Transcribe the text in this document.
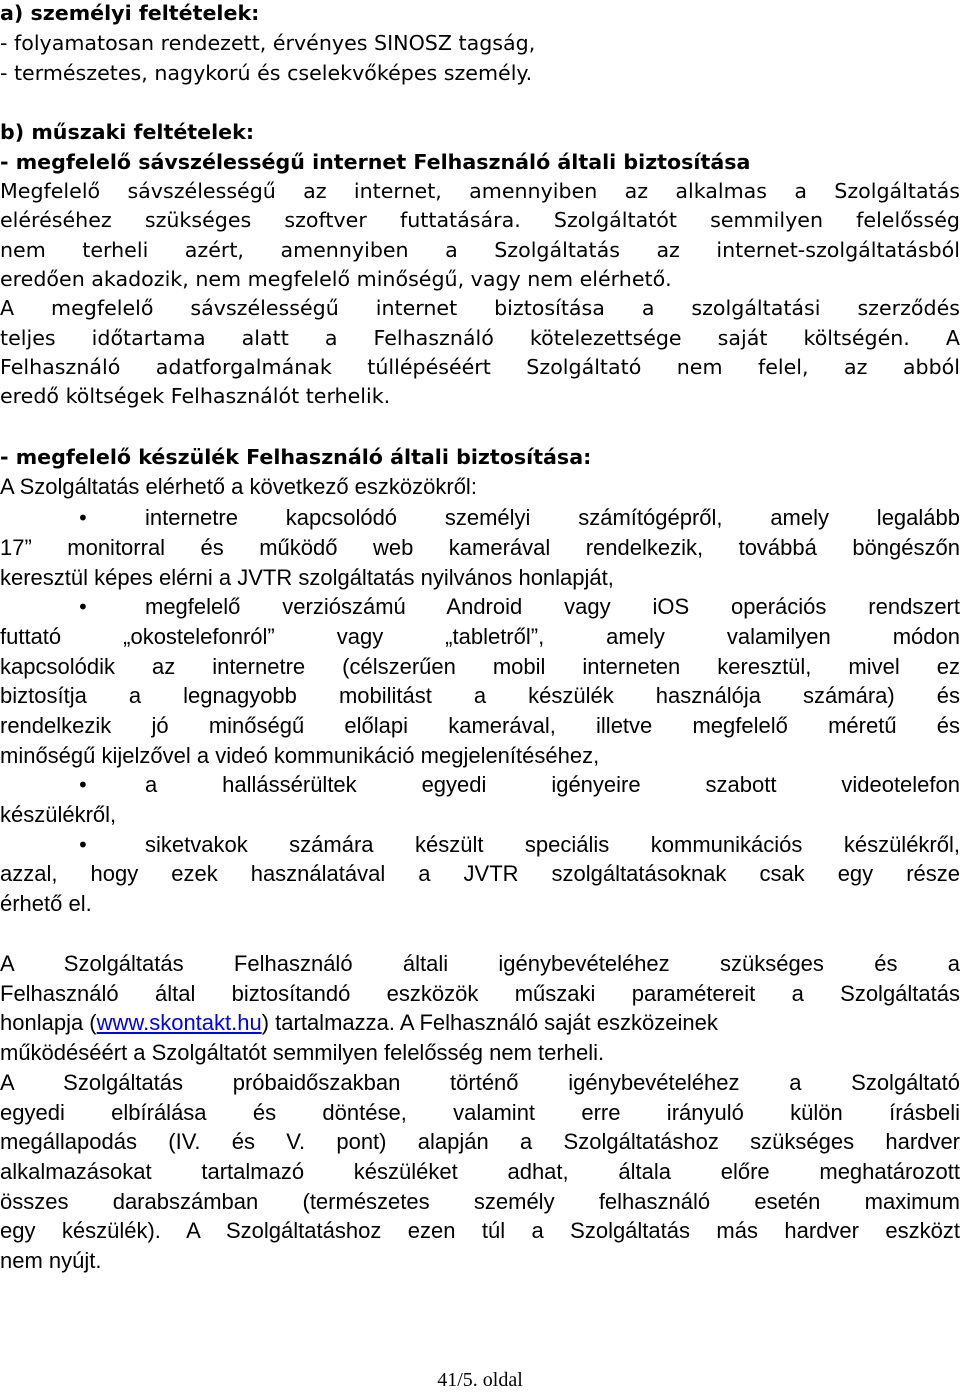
a) személyi feltételek:
- folyamatosan rendezett, érvényes SINOSZ tagság,
- természetes, nagykorú és cselekvőképes személy.
b) műszaki feltételek:
- megfelelő sávszélességű internet Felhasználó általi biztosítása
Megfelelő sávszélességű az internet, amennyiben az alkalmas a Szolgáltatás
eléréséhez szükséges szoftver futtatására. Szolgáltatót semmilyen felelősség
nem terheli azért, amennyiben a Szolgáltatás az internet-szolgáltatásból
eredően akadozik, nem megfelelő minőségű, vagy nem elérhető.
A megfelelő sávszélességű internet biztosítása a szolgáltatási szerződés
teljes időtartama alatt a Felhasználó kötelezettsége saját költségén. A
Felhasználó adatforgalmának túllépéséért Szolgáltató nem felel, az abból
eredő költségek Felhasználót terhelik.
- megfelelő készülék Felhasználó általi biztosítása:
A Szolgáltatás elérhető a következő eszközökről:
•	internetre kapcsolódó személyi számítógépről, amely legalább
17” monitorral és működő web kamerával rendelkezik, továbbá böngészőn
keresztül képes elérni a JVTR szolgáltatás nyilvános honlapját,
•	megfelelő verziószámú Android vagy iOS operációs rendszert
futtató „okostelefonról” vagy „tabletről”, amely valamilyen módon
kapcsolódik az internetre (célszerűen mobil interneten keresztül, mivel ez
biztosítja a legnagyobb mobilitást a készülék használója számára) és
rendelkezik jó minőségű előlapi kamerával, illetve megfelelő méretű és
minőségű kijelzővel a videó kommunikáció megjelenítéséhez,
•	a hallássérültek egyedi igényeire szabott videotelefon
készülékről,
•	siketvakok számára készült speciális kommunikációs készülékről,
azzal, hogy ezek használatával a JVTR szolgáltatásoknak csak egy része
érhető el.
A Szolgáltatás Felhasználó általi igénybevételéhez szükséges és a
Felhasználó által biztosítandó eszközök műszaki paramétereit a Szolgáltatás
honlapja (www.skontakt.hu) tartalmazza. A Felhasználó saját eszközeinek
működéséért a Szolgáltatót semmilyen felelősség nem terheli.
A Szolgáltatás próbaidőszakban történő igénybevételéhez a Szolgáltató
egyedi elbírálása és döntése, valamint erre irányuló külön írásbeli
megállapodás (IV. és V. pont) alapján a Szolgáltatáshoz szükséges hardver
alkalmazásokat tartalmazó készüléket adhat, általa előre meghatározott
összes darabszámban (természetes személy felhasználó esetén maximum
egy készülék). A Szolgáltatáshoz ezen túl a Szolgáltatás más hardver eszközt
nem nyújt.
41/5. oldal
